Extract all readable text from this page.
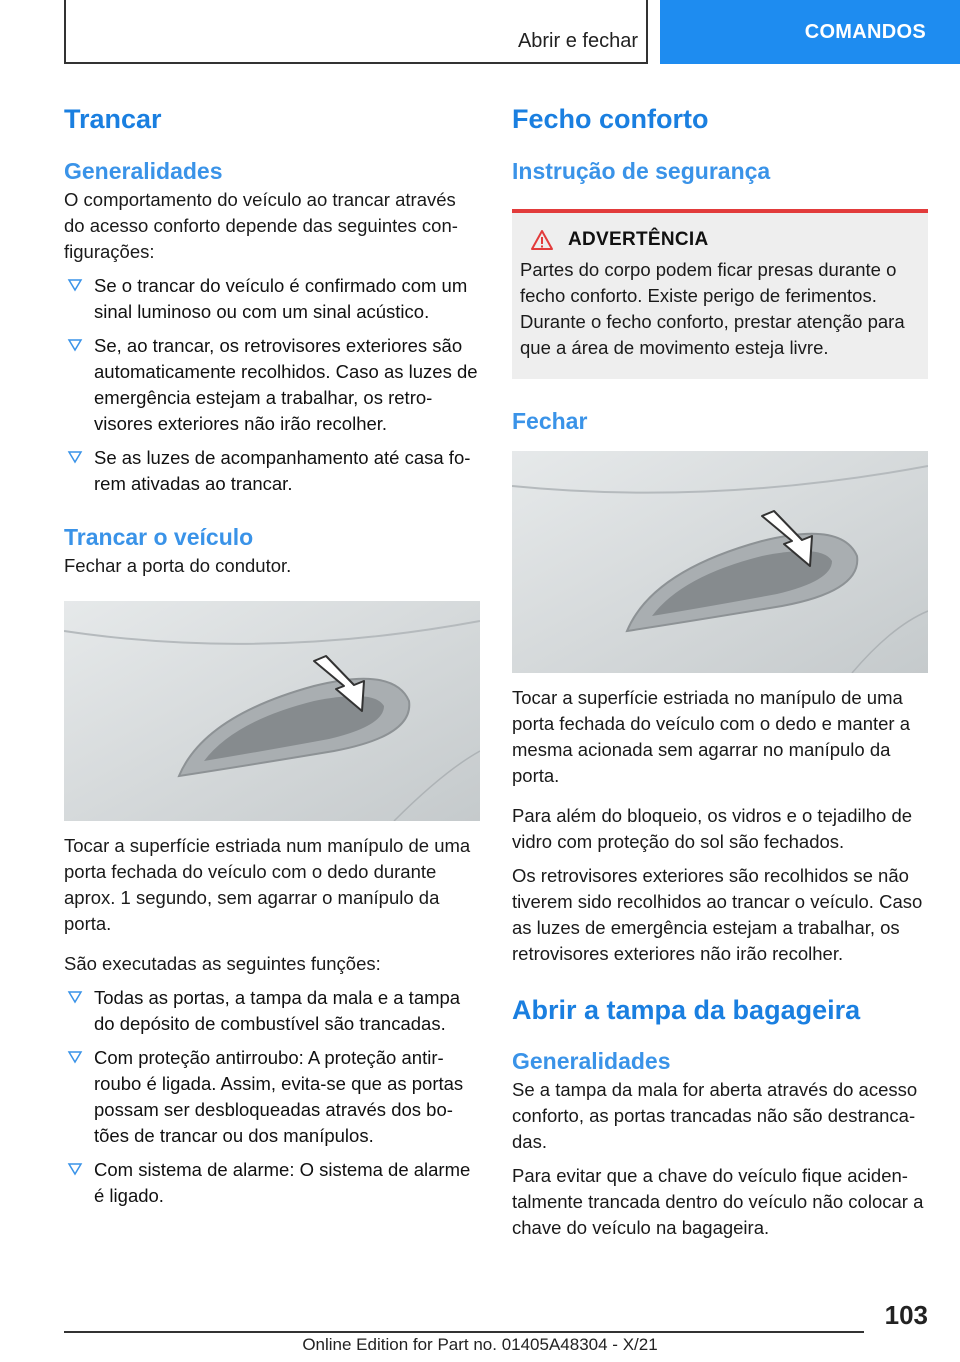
Abrir e fechar	COMANDOS
Trancar
Generalidades

O comportamento do veículo ao trancar através do acesso conforto depende das seguintes configurações:

Se o trancar do veículo é confirmado com um sinal luminoso ou com um sinal acústico.
Se, ao trancar, os retrovisores exteriores são automaticamente recolhidos. Caso as luzes de emergência estejam a trabalhar, os retrovisores exteriores não irão recolher.
Se as luzes de acompanhamento até casa forem ativadas ao trancar.
Trancar o veículo

Fechar a porta do condutor.

Tocar a superfície estriada num manípulo de uma porta fechada do veículo com o dedo durante aprox. 1 segundo, sem agarrar o manípulo da porta.

São executadas as seguintes funções:

Todas as portas, a tampa da mala e a tampa do depósito de combustível são trancadas.
Com proteção antirroubo: A proteção antirroubo é ligada. Assim, evita-se que as portas possam ser desbloqueadas através dos botões de trancar ou dos manípulos.
Com sistema de alarme: O sistema de alarme é ligado.
Fecho conforto
Instrução de segurança
ADVERTÊNCIA

Partes do corpo podem ficar presas durante o fecho conforto. Existe perigo de ferimentos. Durante o fecho conforto, prestar atenção para que a área de movimento esteja livre.

Fechar

Tocar a superfície estriada no manípulo de uma porta fechada do veículo com o dedo e manter a mesma acionada sem agarrar no manípulo da porta.

Para além do bloqueio, os vidros e o tejadilho de vidro com proteção do sol são fechados.

Os retrovisores exteriores são recolhidos se não tiverem sido recolhidos ao trancar o veículo. Caso as luzes de emergência estejam a trabalhar, os retrovisores exteriores não irão recolher.

Abrir a tampa da bagageira
Generalidades

Se a tampa da mala for aberta através do acesso conforto, as portas trancadas não são destrancadas.

Para evitar que a chave do veículo fique acidentalmente trancada dentro do veículo não colocar a chave do veículo na bagageira.

103
Online Edition for Part no. 01405A48304 - X/21
